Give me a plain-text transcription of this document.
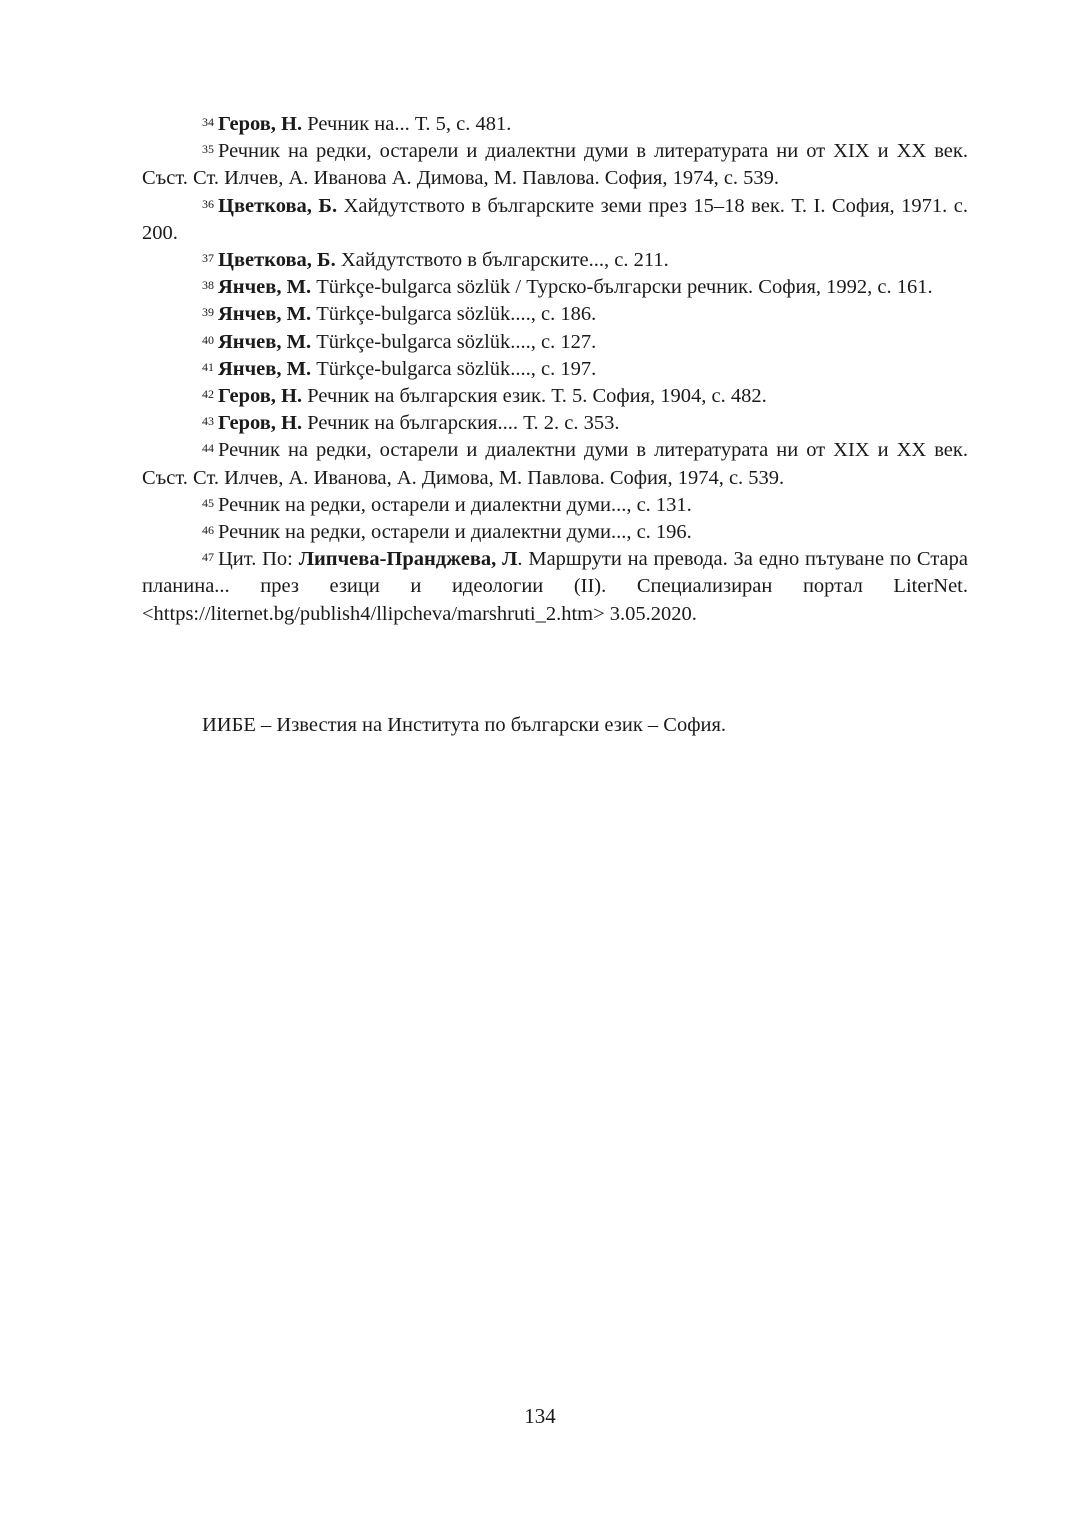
$^{34}$ Геров, Н. Речник на... Т. 5, с. 481.

$^{35}$ Речник на редки, остарели и диалектни думи в литературата ни от XIX и XX век. Съст. Ст. Илчев, А. Иванова А. Димова, М. Павлова. София, 1974, с. 539.

$^{36}$ Цветкова, Б. Хайдутството в българските земи през 15–18 век. Т. I. София, 1971. с. 200.

$^{37}$ Цветкова, Б. Хайдутството в българските..., с. 211.

$^{38}$ Янчев, М. Türkçe-bulgarca sözlük / Турско-български речник. София, 1992, с. 161.

$^{39}$ Янчев, М. Türkçe-bulgarca sözlük...., с. 186.

$^{40}$ Янчев, М. Türkçe-bulgarca sözlük...., с. 127.

$^{41}$ Янчев, М. Türkçe-bulgarca sözlük...., с. 197.

$^{42}$ Геров, Н. Речник на българския език. Т. 5. София, 1904, с. 482.

$^{43}$ Геров, Н. Речник на българския.... Т. 2. с. 353.

$^{44}$ Речник на редки, остарели и диалектни думи в литературата ни от XIX и XX век. Съст. Ст. Илчев, А. Иванова, А. Димова, М. Павлова. София, 1974, с. 539.

$^{45}$ Речник на редки, остарели и диалектни думи..., с. 131.

$^{46}$ Речник на редки, остарели и диалектни думи..., с. 196.

$^{47}$ Цит. По: Липчева-Пранджева, Л. Маршрути на превода. За едно пътуване по Стара планина... през езици и идеологии (II). Специализиран портал LiterNet. <https://liternet.bg/publish4/llipcheva/marshruti_2.htm> 3.05.2020.

ИИБЕ – Известия на Института по български език – София.
134
